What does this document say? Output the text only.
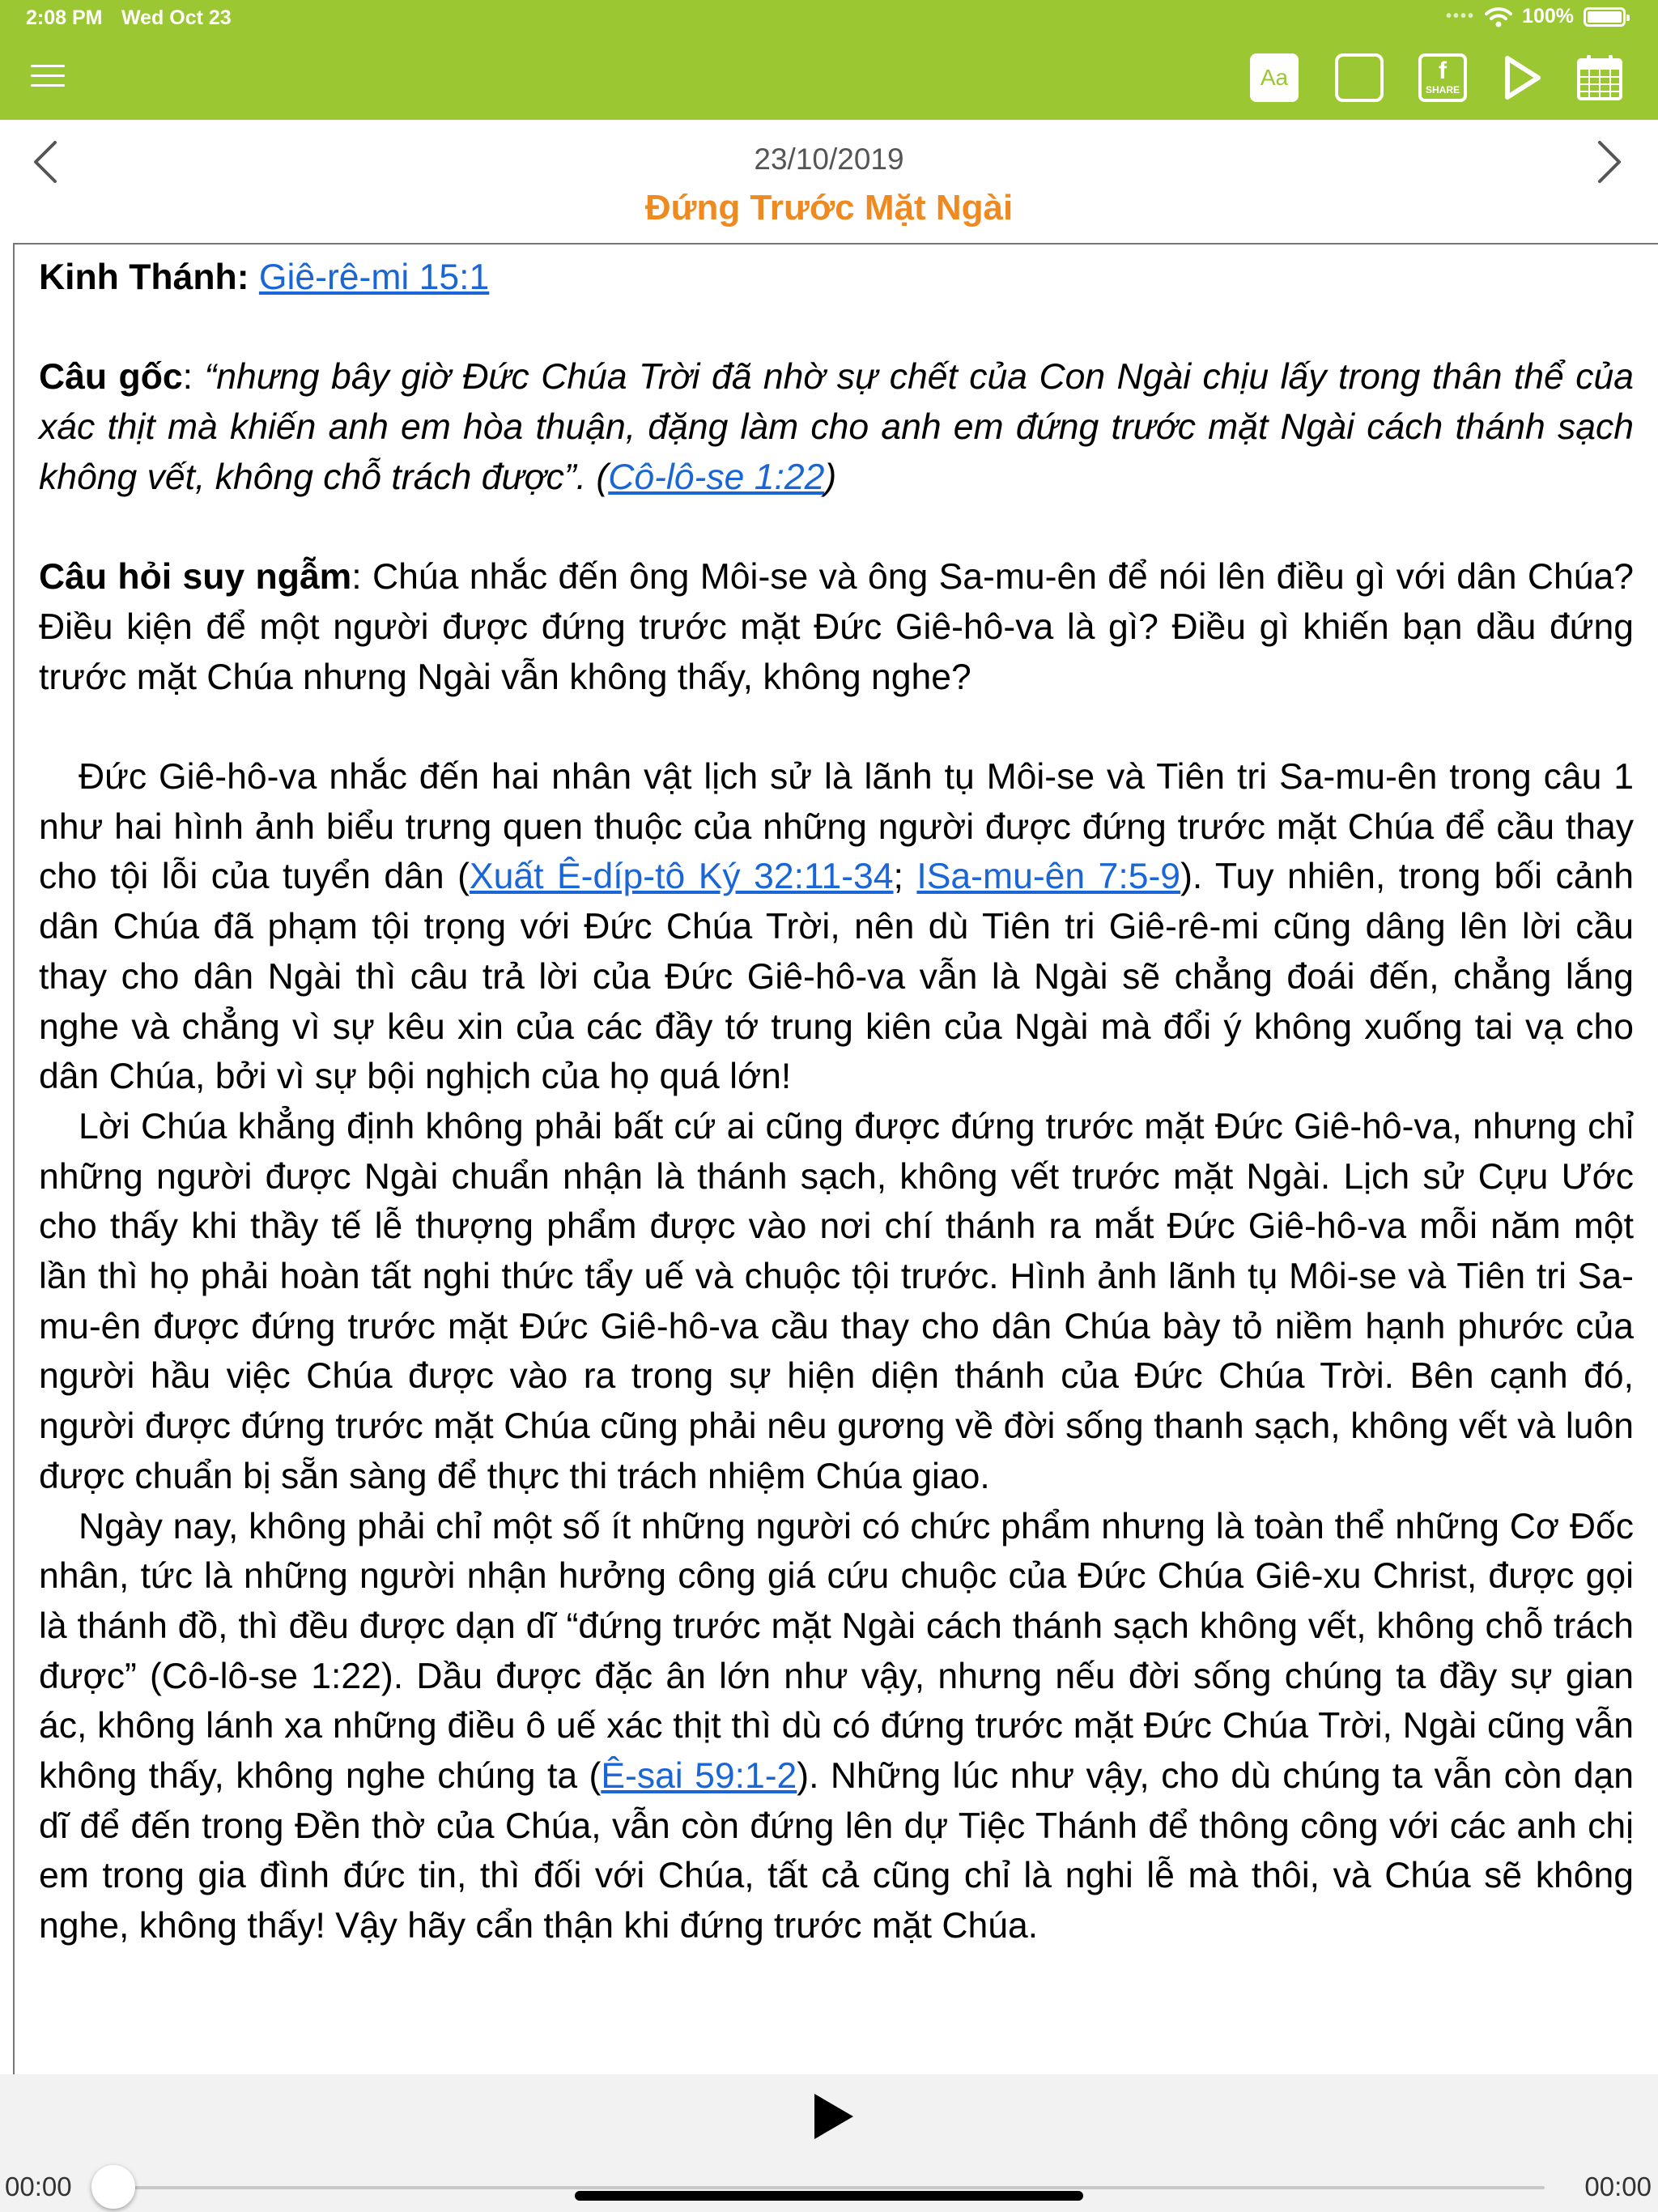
2:08 PM Wed Oct 23	•••• 100%
Aa	f
SHARE
23/10/2019
Đứng Trước Mặt Ngài

Kinh Thánh: Giê-rê-mi 15:1

Câu gốc: “nhưng bây giờ Đức Chúa Trời đã nhờ sự chết của Con Ngài chịu lấy trong thân thể của xác thịt mà khiến anh em hòa thuận, đặng làm cho anh em đứng trước mặt Ngài cách thánh sạch không vết, không chỗ trách được”. (Cô-lô-se 1:22)

Câu hỏi suy ngẫm: Chúa nhắc đến ông Môi-se và ông Sa-mu-ên để nói lên điều gì với dân Chúa? Điều kiện để một người được đứng trước mặt Đức Giê-hô-va là gì? Điều gì khiến bạn dầu đứng trước mặt Chúa nhưng Ngài vẫn không thấy, không nghe?

Đức Giê-hô-va nhắc đến hai nhân vật lịch sử là lãnh tụ Môi-se và Tiên tri Sa-mu-ên trong câu 1 như hai hình ảnh biểu trưng quen thuộc của những người được đứng trước mặt Chúa để cầu thay cho tội lỗi của tuyển dân (Xuất Ê-díp-tô Ký 32:11-34; ISa-mu-ên 7:5-9). Tuy nhiên, trong bối cảnh dân Chúa đã phạm tội trọng với Đức Chúa Trời, nên dù Tiên tri Giê-rê-mi cũng dâng lên lời cầu thay cho dân Ngài thì câu trả lời của Đức Giê-hô-va vẫn là Ngài sẽ chẳng đoái đến, chẳng lắng nghe và chẳng vì sự kêu xin của các đầy tớ trung kiên của Ngài mà đổi ý không xuống tai vạ cho dân Chúa, bởi vì sự bội nghịch của họ quá lớn!

Lời Chúa khẳng định không phải bất cứ ai cũng được đứng trước mặt Đức Giê-hô-va, nhưng chỉ những người được Ngài chuẩn nhận là thánh sạch, không vết trước mặt Ngài. Lịch sử Cựu Ước cho thấy khi thầy tế lễ thượng phẩm được vào nơi chí thánh ra mắt Đức Giê-hô-va mỗi năm một lần thì họ phải hoàn tất nghi thức tẩy uế và chuộc tội trước. Hình ảnh lãnh tụ Môi-se và Tiên tri Sa-mu-ên được đứng trước mặt Đức Giê-hô-va cầu thay cho dân Chúa bày tỏ niềm hạnh phước của người hầu việc Chúa được vào ra trong sự hiện diện thánh của Đức Chúa Trời. Bên cạnh đó, người được đứng trước mặt Chúa cũng phải nêu gương về đời sống thanh sạch, không vết và luôn được chuẩn bị sẵn sàng để thực thi trách nhiệm Chúa giao.

Ngày nay, không phải chỉ một số ít những người có chức phẩm nhưng là toàn thể những Cơ Đốc nhân, tức là những người nhận hưởng công giá cứu chuộc của Đức Chúa Giê-xu Christ, được gọi là thánh đồ, thì đều được dạn dĩ “đứng trước mặt Ngài cách thánh sạch không vết, không chỗ trách được” (Cô-lô-se 1:22). Dầu được đặc ân lớn như vậy, nhưng nếu đời sống chúng ta đầy sự gian ác, không lánh xa những điều ô uế xác thịt thì dù có đứng trước mặt Đức Chúa Trời, Ngài cũng vẫn không thấy, không nghe chúng ta (Ê-sai 59:1-2). Những lúc như vậy, cho dù chúng ta vẫn còn dạn dĩ để đến trong Đền thờ của Chúa, vẫn còn đứng lên dự Tiệc Thánh để thông công với các anh chị em trong gia đình đức tin, thì đối với Chúa, tất cả cũng chỉ là nghi lễ mà thôi, và Chúa sẽ không nghe, không thấy! Vậy hãy cẩn thận khi đứng trước mặt Chúa.

00:00	00:00
